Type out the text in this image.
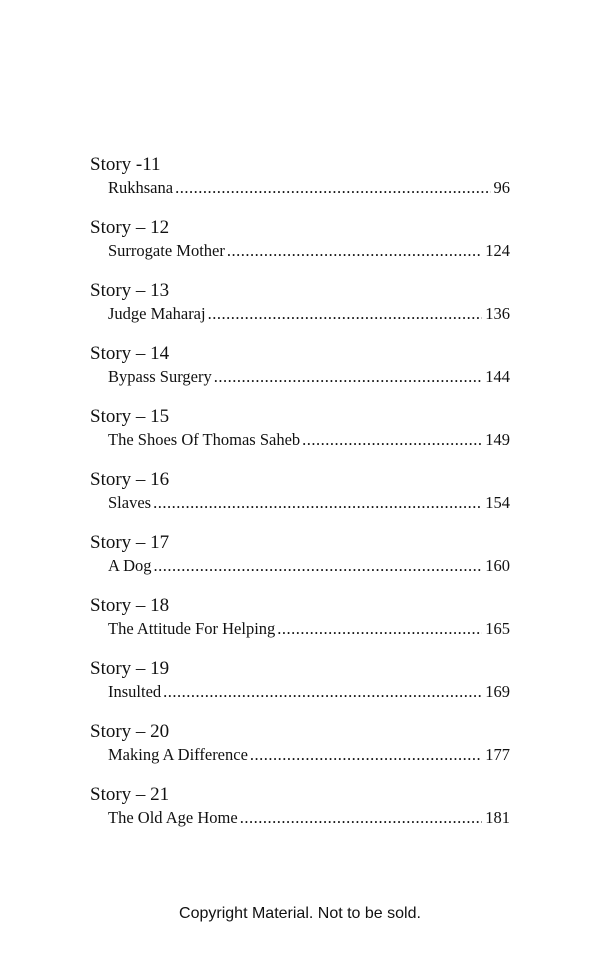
Story -11
Rukhsana .....	96
Story – 12
Surrogate Mother .....	124
Story – 13
Judge Maharaj .....	136
Story – 14
Bypass Surgery .....	144
Story – 15
The Shoes Of Thomas Saheb .....	149
Story – 16
Slaves .....	154
Story – 17
A Dog .....	160
Story – 18
The Attitude For Helping .....	165
Story – 19
Insulted .....	169
Story – 20
Making A Difference .....	177
Story – 21
The Old Age Home .....	181
Copyright Material. Not to be sold.
